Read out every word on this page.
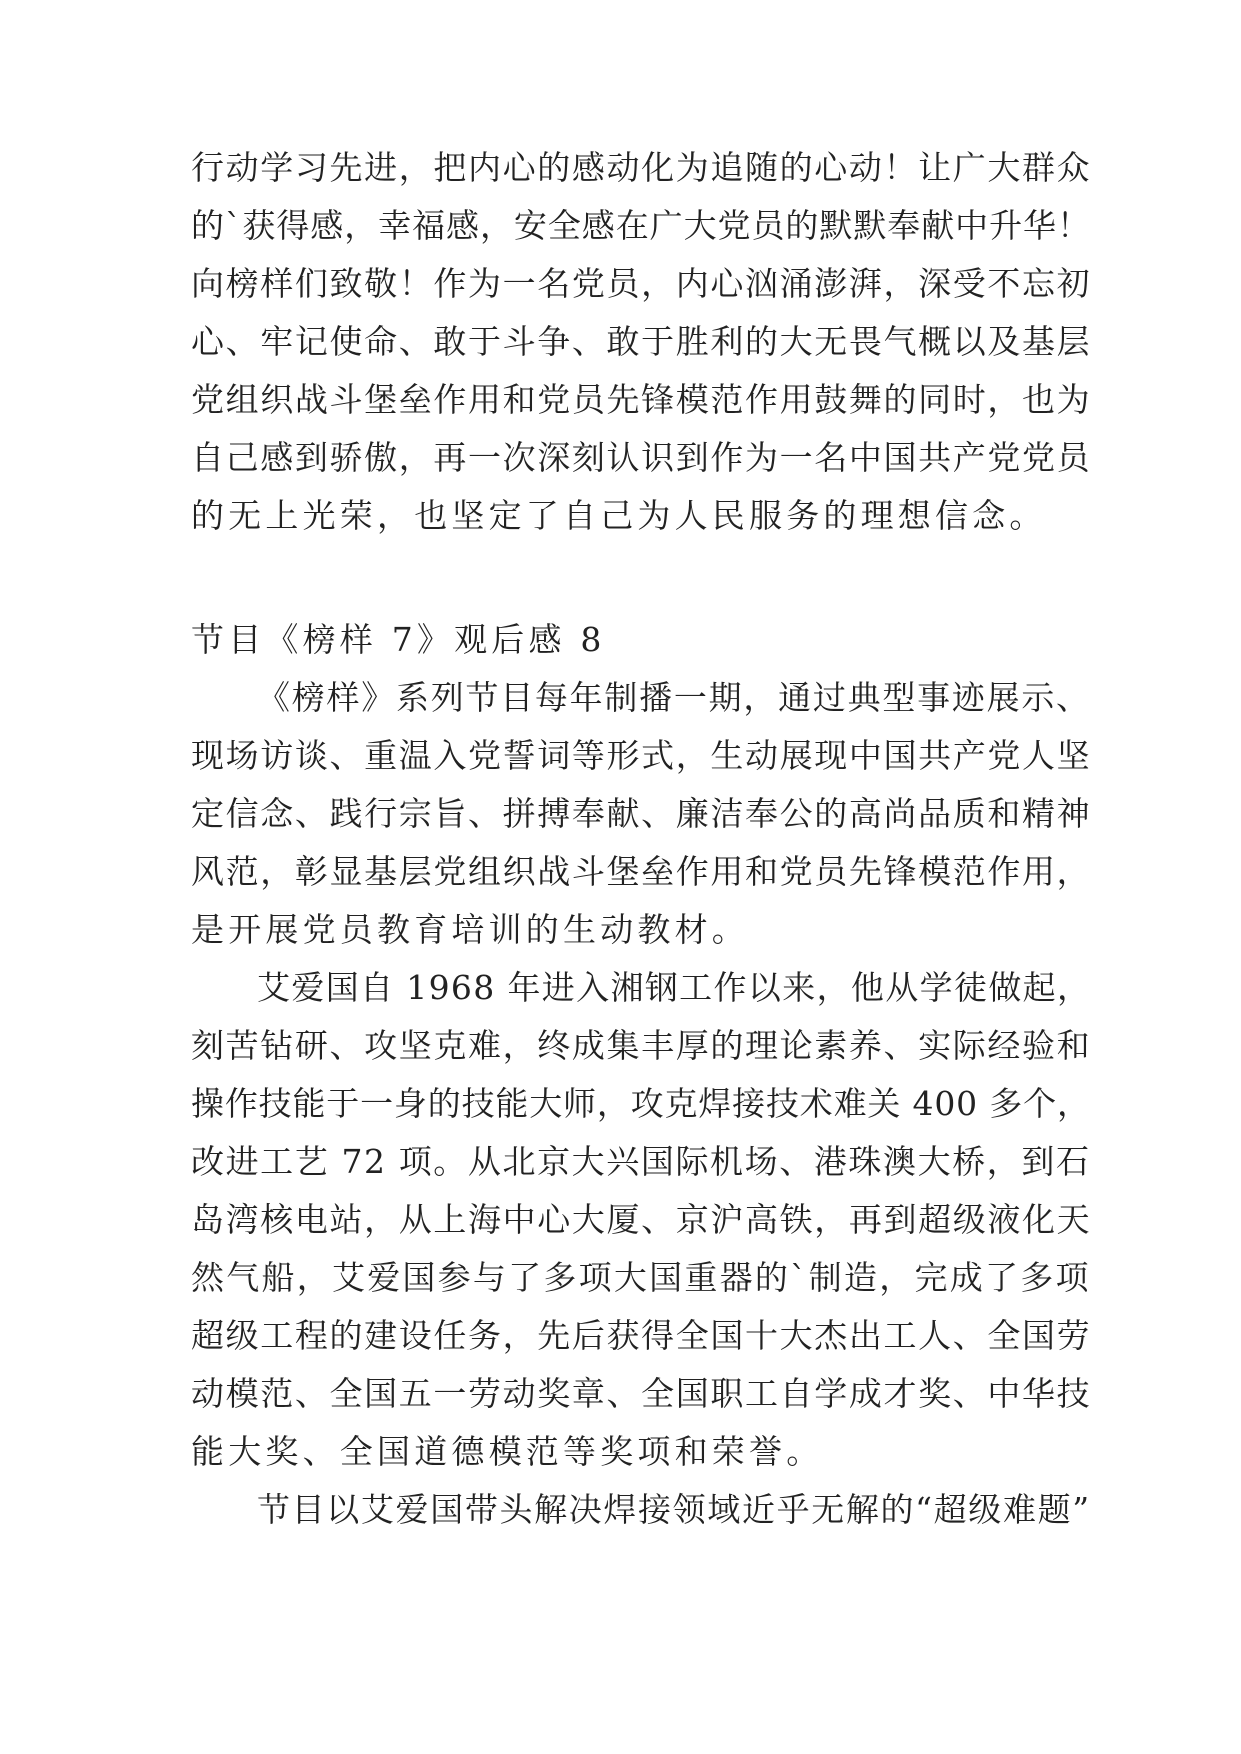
行动学习先进，把内心的感动化为追随的心动！让广大群众
的`获得感，幸福感，安全感在广大党员的默默奉献中升华！
向榜样们致敬！作为一名党员，内心汹涌澎湃，深受不忘初
心、牢记使命、敢于斗争、敢于胜利的大无畏气概以及基层
党组织战斗堡垒作用和党员先锋模范作用鼓舞的同时，也为
自己感到骄傲，再一次深刻认识到作为一名中国共产党党员
的无上光荣，也坚定了自己为人民服务的理想信念。
节目《榜样 7》观后感 8
《榜样》系列节目每年制播一期，通过典型事迹展示、
现场访谈、重温入党誓词等形式，生动展现中国共产党人坚
定信念、践行宗旨、拼搏奉献、廉洁奉公的高尚品质和精神
风范，彰显基层党组织战斗堡垒作用和党员先锋模范作用，
是开展党员教育培训的生动教材。
艾爱国自 1968 年进入湘钢工作以来，他从学徒做起，
刻苦钻研、攻坚克难，终成集丰厚的理论素养、实际经验和
操作技能于一身的技能大师，攻克焊接技术难关 400 多个，
改进工艺 72 项。从北京大兴国际机场、港珠澳大桥，到石
岛湾核电站，从上海中心大厦、京沪高铁，再到超级液化天
然气船，艾爱国参与了多项大国重器的`制造，完成了多项
超级工程的建设任务，先后获得全国十大杰出工人、全国劳
动模范、全国五一劳动奖章、全国职工自学成才奖、中华技
能大奖、全国道德模范等奖项和荣誉。
节目以艾爱国带头解决焊接领域近乎无解的“超级难题”
